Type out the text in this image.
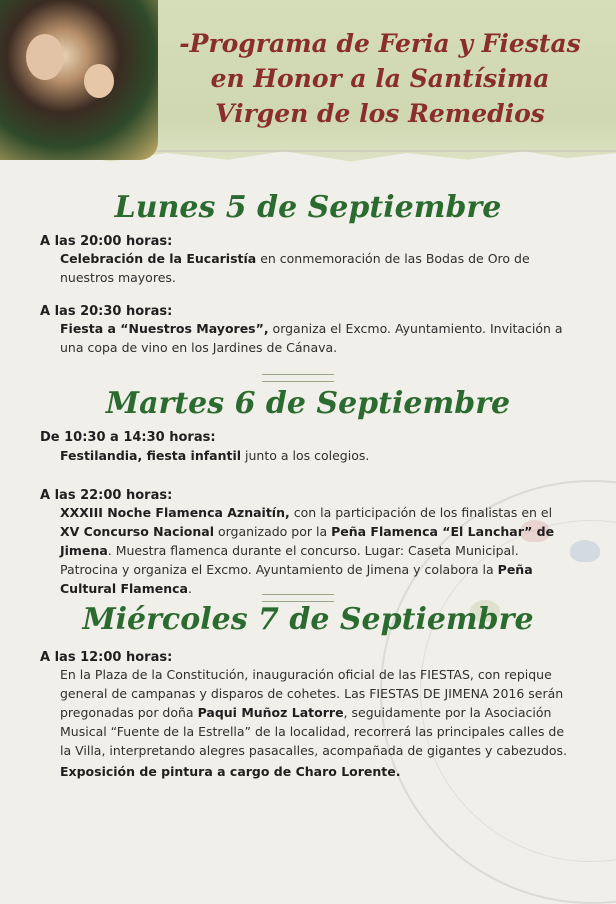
-Programa de Feria y Fiestas
en Honor a la Santísima
Virgen de los Remedios
Lunes 5 de Septiembre
A las 20:00 horas:
Celebración de la Eucaristía en conmemoración de las Bodas de Oro de nuestros mayores.
A las 20:30 horas:
Fiesta a “Nuestros Mayores”, organiza el Excmo. Ayuntamiento. Invitación a una copa de vino en los Jardines de Cánava.
Martes 6 de Septiembre
De 10:30 a 14:30 horas:
Festilandia, fiesta infantil junto a los colegios.
A las 22:00 horas:
XXXIII Noche Flamenca Aznaitín, con la participación de los finalistas en el XV Concurso Nacional organizado por la Peña Flamenca “El Lanchar” de Jimena. Muestra flamenca durante el concurso. Lugar: Caseta Municipal. Patrocina y organiza el Excmo. Ayuntamiento de Jimena y colabora la Peña Cultural Flamenca.
Miércoles 7 de Septiembre
A las 12:00 horas:
En la Plaza de la Constitución, inauguración oficial de las FIESTAS, con repique general de campanas y disparos de cohetes. Las FIESTAS DE JIMENA 2016 serán pregonadas por doña Paqui Muñoz Latorre, seguidamente por la Asociación Musical “Fuente de la Estrella” de la localidad, recorrerá las principales calles de la Villa, interpretando alegres pasacalles, acompañada de gigantes y cabezudos.
Exposición de pintura a cargo de Charo Lorente.
